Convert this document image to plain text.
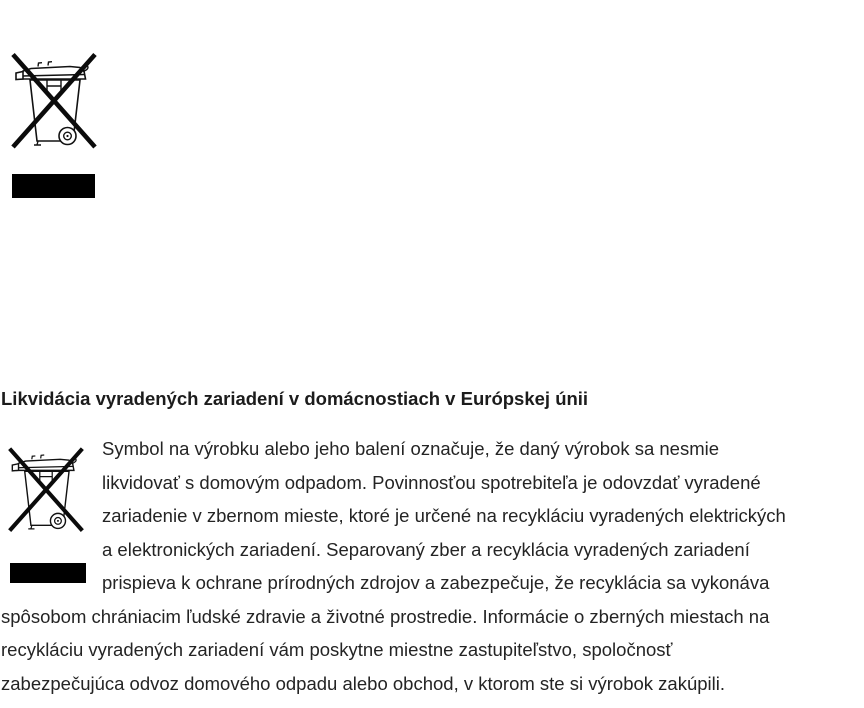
Likvidácia vyradených zariadení v domácnostiach v Európskej únii
Symbol na výrobku alebo jeho balení označuje, že daný výrobok sa nesmie
likvidovať s domovým odpadom. Povinnosťou spotrebiteľa je odovzdať vyradené
zariadenie v zbernom mieste, ktoré je určené na recykláciu vyradených elektrických
a elektronických zariadení. Separovaný zber a recyklácia vyradených zariadení
prispieva k ochrane prírodných zdrojov a zabezpečuje, že recyklácia sa vykonáva
spôsobom chrániacim ľudské zdravie a životné prostredie. Informácie o zberných miestach na
recykláciu vyradených zariadení vám poskytne miestne zastupiteľstvo, spoločnosť
zabezpečujúca odvoz domového odpadu alebo obchod, v ktorom ste si výrobok zakúpili.
